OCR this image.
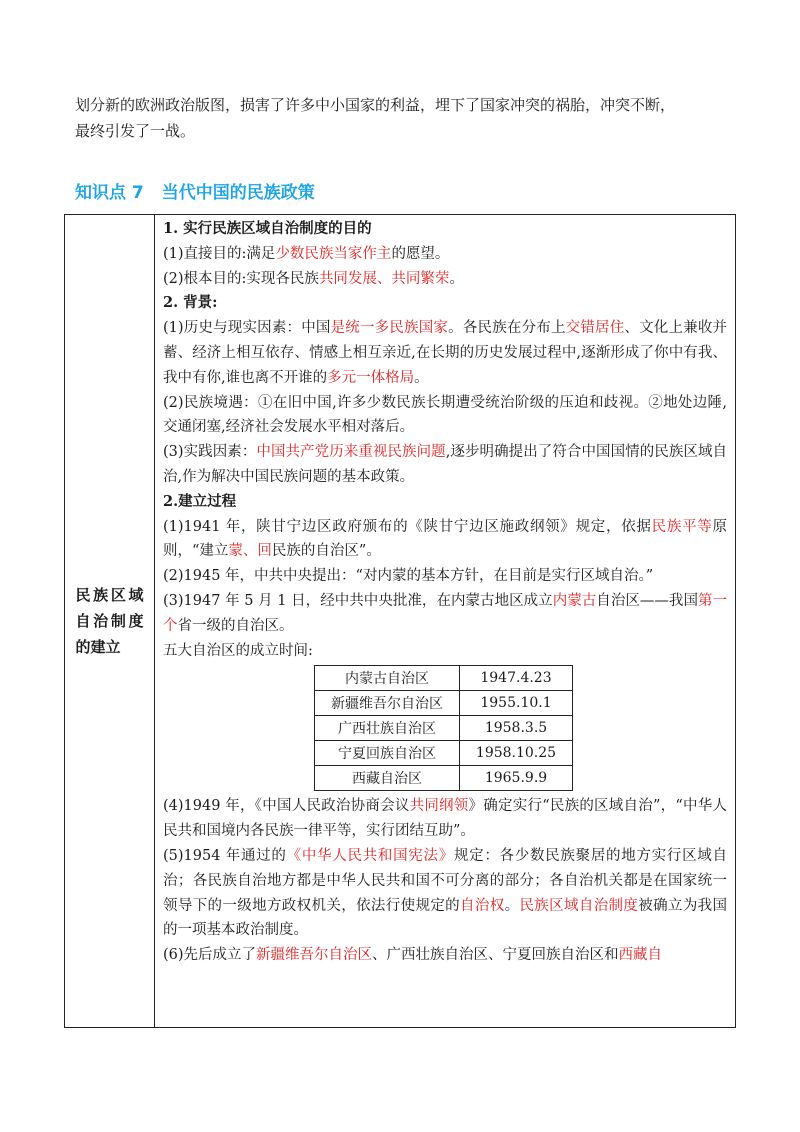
划分新的欧洲政治版图，损害了许多中小国家的利益，埋下了国家冲突的祸胎，冲突不断，
最终引发了一战。

知识点 7 当代中国的民族政策
民族区域自治制度的建立

1. 实行民族区域自治制度的目的

(1)直接目的:满足少数民族当家作主的愿望。

(2)根本目的:实现各民族共同发展、共同繁荣。

2. 背景:

(1)历史与现实因素：中国是统一多民族国家。各民族在分布上交错居住、文化上兼收并蓄、经济上相互依存、情感上相互亲近,在长期的历史发展过程中,逐渐形成了你中有我、我中有你,谁也离不开谁的多元一体格局。

(2)民族境遇：①在旧中国,许多少数民族长期遭受统治阶级的压迫和歧视。②地处边陲,交通闭塞,经济社会发展水平相对落后。

(3)实践因素：中国共产党历来重视民族问题,逐步明确提出了符合中国国情的民族区域自治,作为解决中国民族问题的基本政策。

2.建立过程

(1)1941 年，陕甘宁边区政府颁布的《陕甘宁边区施政纲领》规定，依据民族平等原则，“建立蒙、回民族的自治区”。

(2)1945 年，中共中央提出：“对内蒙的基本方针，在目前是实行区域自治。”

(3)1947 年 5 月 1 日，经中共中央批准，在内蒙古地区成立内蒙古自治区——我国第一个省一级的自治区。

五大自治区的成立时间:

内蒙古自治区	1947.4.23
新疆维吾尔自治区	1955.10.1
广西壮族自治区	1958.3.5
宁夏回族自治区	1958.10.25
西藏自治区	1965.9.9

(4)1949 年，《中国人民政治协商会议共同纲领》确定实行“民族的区域自治”，“中华人民共和国境内各民族一律平等，实行团结互助”。

(5)1954 年通过的《中华人民共和国宪法》规定：各少数民族聚居的地方实行区域自治；各民族自治地方都是中华人民共和国不可分离的部分；各自治机关都是在国家统一领导下的一级地方政权机关，依法行使规定的自治权。民族区域自治制度被确立为我国的一项基本政治制度。

(6)先后成立了新疆维吾尔自治区、广西壮族自治区、宁夏回族自治区和西藏自
